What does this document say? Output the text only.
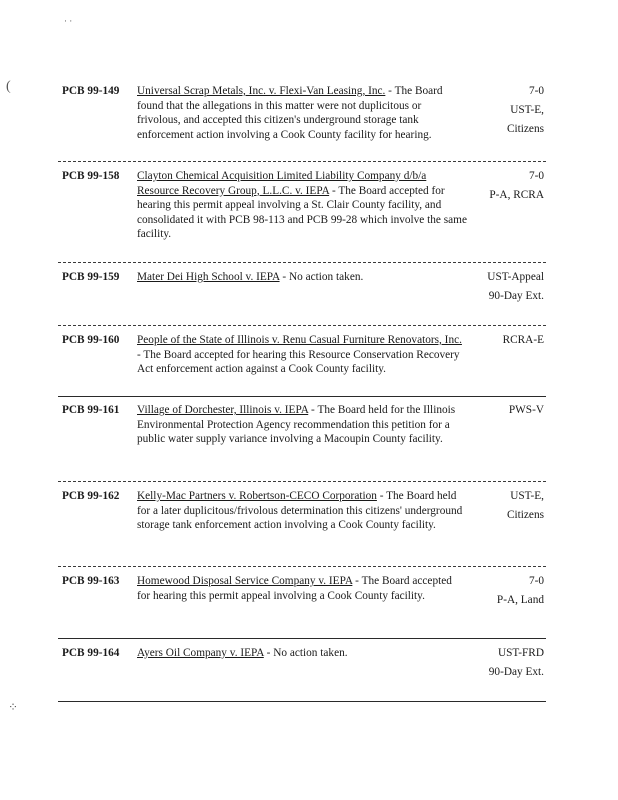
· ·
(
⁘
PCB 99-149 Universal Scrap Metals, Inc. v. Flexi-Van Leasing, Inc. - The Board found that the allegations in this matter were not duplicitous or frivolous, and accepted this citizen's underground storage tank enforcement action involving a Cook County facility for hearing.
7-0
UST-E,
Citizens
PCB 99-158 Clayton Chemical Acquisition Limited Liability Company d/b/a Resource Recovery Group, L.L.C. v. IEPA - The Board accepted for hearing this permit appeal involving a St. Clair County facility, and consolidated it with PCB 98-113 and PCB 99-28 which involve the same facility.
7-0
P-A, RCRA
PCB 99-159 Mater Dei High School v. IEPA - No action taken.	UST-Appeal
90-Day Ext.
PCB 99-160 People of the State of Illinois v. Renu Casual Furniture Renovators, Inc. - The Board accepted for hearing this Resource Conservation Recovery Act enforcement action against a Cook County facility.
RCRA-E
PCB 99-161 Village of Dorchester, Illinois v. IEPA - The Board held for the Illinois Environmental Protection Agency recommendation this petition for a public water supply variance involving a Macoupin County facility.
PWS-V
PCB 99-162 Kelly-Mac Partners v. Robertson-CECO Corporation - The Board held for a later duplicitous/frivolous determination this citizens' underground storage tank enforcement action involving a Cook County facility.
UST-E,
Citizens
PCB 99-163 Homewood Disposal Service Company v. IEPA - The Board accepted for hearing this permit appeal involving a Cook County facility.
7-0
P-A, Land
PCB 99-164 Ayers Oil Company v. IEPA - No action taken.	UST-FRD
90-Day Ext.
